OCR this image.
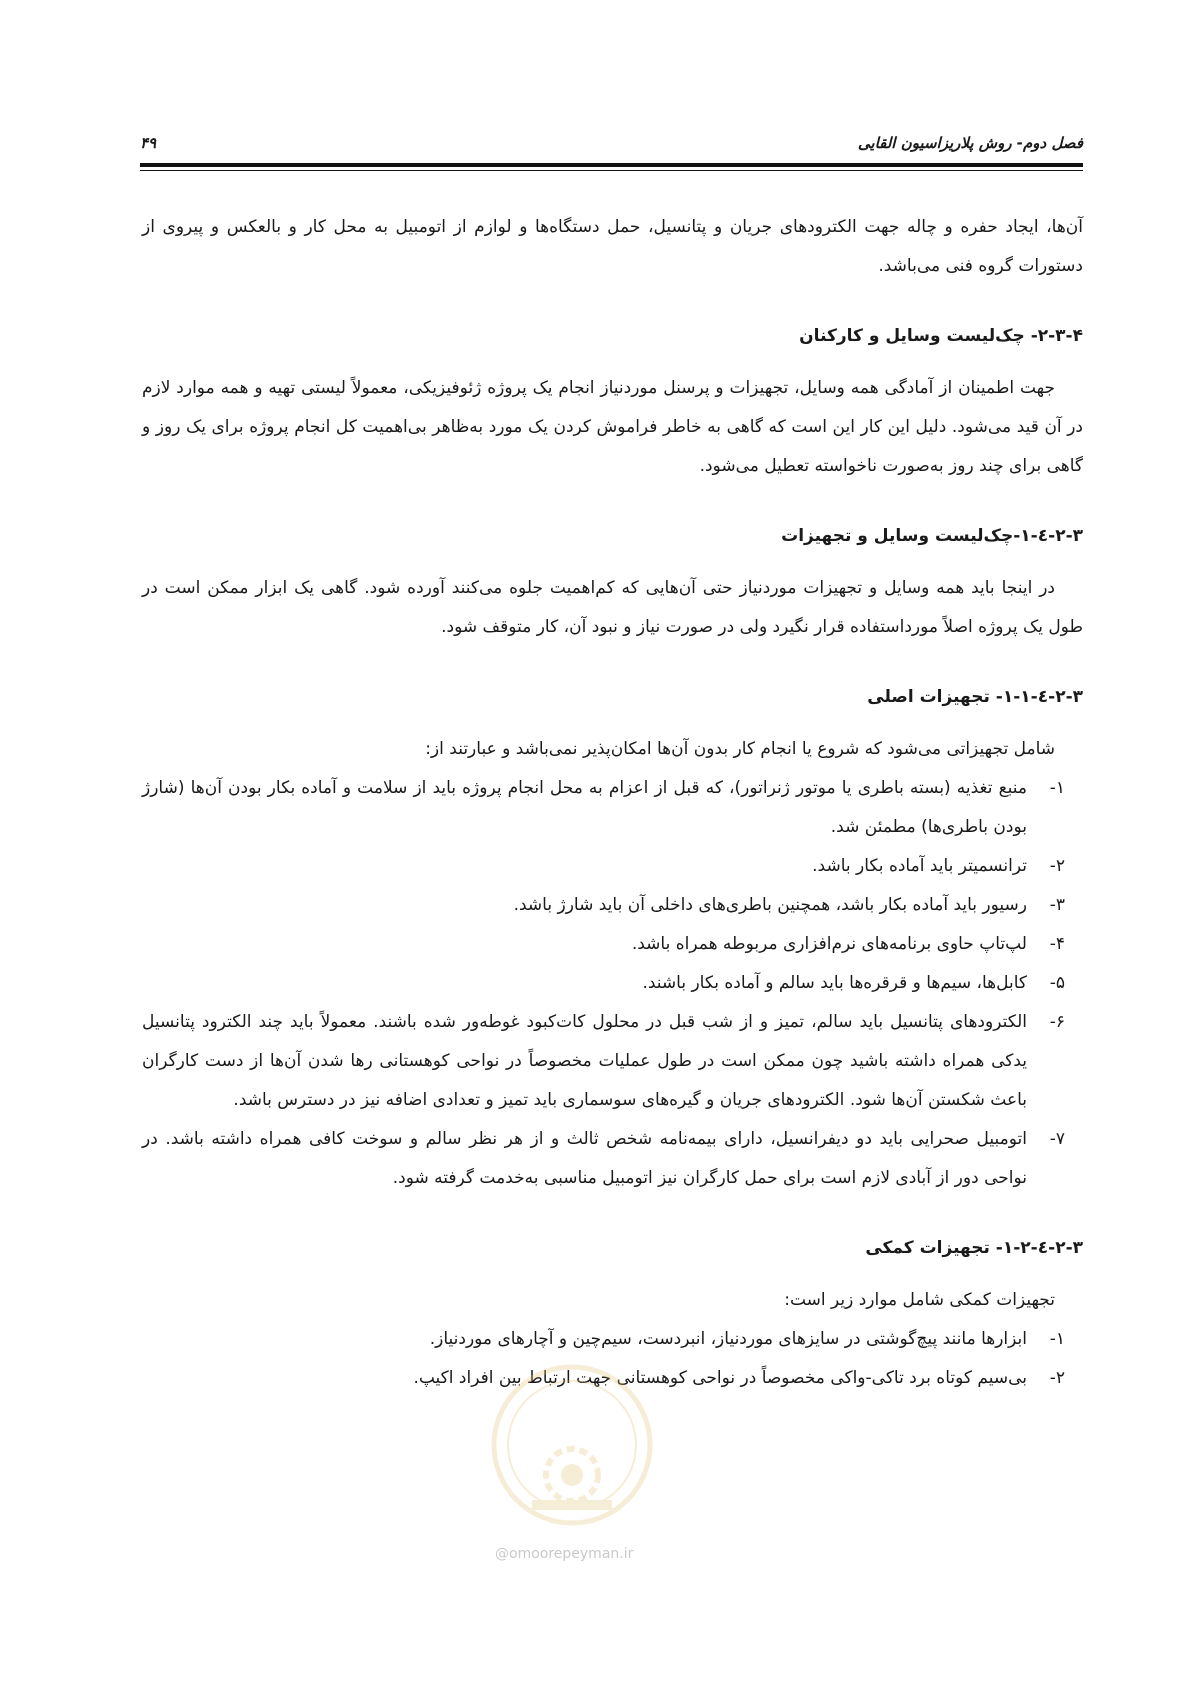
فصل دوم- روش پلاریزاسیون القایی
۴۹

آن‌ها، ایجاد حفره و چاله جهت الکترودهای جریان و پتانسیل، حمل دستگاه‌ها و لوازم از اتومبیل به محل کار و بالعکس و پیروی از دستورات گروه فنی می‌باشد.

۲-۳-۴- چک‌لیست وسایل و کارکنان

جهت اطمینان از آمادگی همه وسایل، تجهیزات و پرسنل مورد‌نیاز انجام یک پروژه ژئوفیزیکی، معمولاً لیستی تهیه و همه موارد لازم در آن قید می‌شود. دلیل این کار این است که گاهی به خاطر فراموش کردن یک مورد به‌ظاهر بی‌اهمیت کل انجام پروژه برای یک روز و گاهی برای چند روز به‌صورت ناخواسته تعطیل می‌شود.

۲-۳-٤-۱-چک‌لیست وسایل و تجهیزات

در اینجا باید همه وسایل و تجهیزات مورد‌نیاز حتی آن‌هایی که کم‌اهمیت جلوه می‌کنند آورده شود. گاهی یک ابزار ممکن است در طول یک پروژه اصلاً مورد‌استفاده قرار نگیرد ولی در صورت نیاز و نبود آن، کار متوقف شود.

۲-۳-٤-۱-۱- تجهیزات اصلی

شامل تجهیزاتی می‌شود که شروع یا انجام کار بدون آن‌ها امکان‌پذیر نمی‌باشد و عبارتند از:

۱-
منبع تغذیه (بسته باطری یا موتور ژنراتور)، که قبل از اعزام به محل انجام پروژه باید از سلامت و آماده بکار بودن آن‌ها (شارژ بودن باطری‌ها) مطمئن شد.
۲-
ترانسمیتر باید آماده بکار باشد.
۳-
رسیور باید آماده بکار باشد، همچنین باطری‌های داخلی آن باید شارژ باشد.
۴-
لپ‌تاپ حاوی برنامه‌های نرم‌افزاری مربوطه همراه باشد.
۵-
کابل‌ها، سیم‌ها و قرقره‌ها باید سالم و آماده بکار باشند.
۶-
الکترودهای پتانسیل باید سالم، تمیز و از شب قبل در محلول کات‌کبود غوطه‌ور شده باشند. معمولاً باید چند الکترود پتانسیل یدکی همراه داشته باشید چون ممکن است در طول عملیات مخصوصاً در نواحی کوهستانی رها شدن آن‌ها از دست کارگران باعث شکستن آن‌ها شود. الکترودهای جریان و گیره‌های سوسماری باید تمیز و تعدادی اضافه نیز در دسترس باشد.
۷-
اتومبیل صحرایی باید دو دیفرانسیل، دارای بیمه‌نامه شخص ثالث و از هر نظر سالم و سوخت کافی همراه داشته باشد. در نواحی دور از آبادی لازم است برای حمل کارگران نیز اتومبیل مناسبی به‌خدمت گرفته شود.
۲-۳-٤-۱-۲- تجهیزات کمکی

تجهیزات کمکی شامل موارد زیر است:

۱-
ابزارها مانند پیچ‌گوشتی در سایزهای مورد‌نیاز، انبردست، سیم‌چین و آچارهای مورد‌نیاز.
۲-
بی‌سیم کوتاه برد تاکی-واکی مخصوصاً در نواحی کوهستانی جهت ارتباط بین افراد اکیپ.
@omoorepeyman.ir
